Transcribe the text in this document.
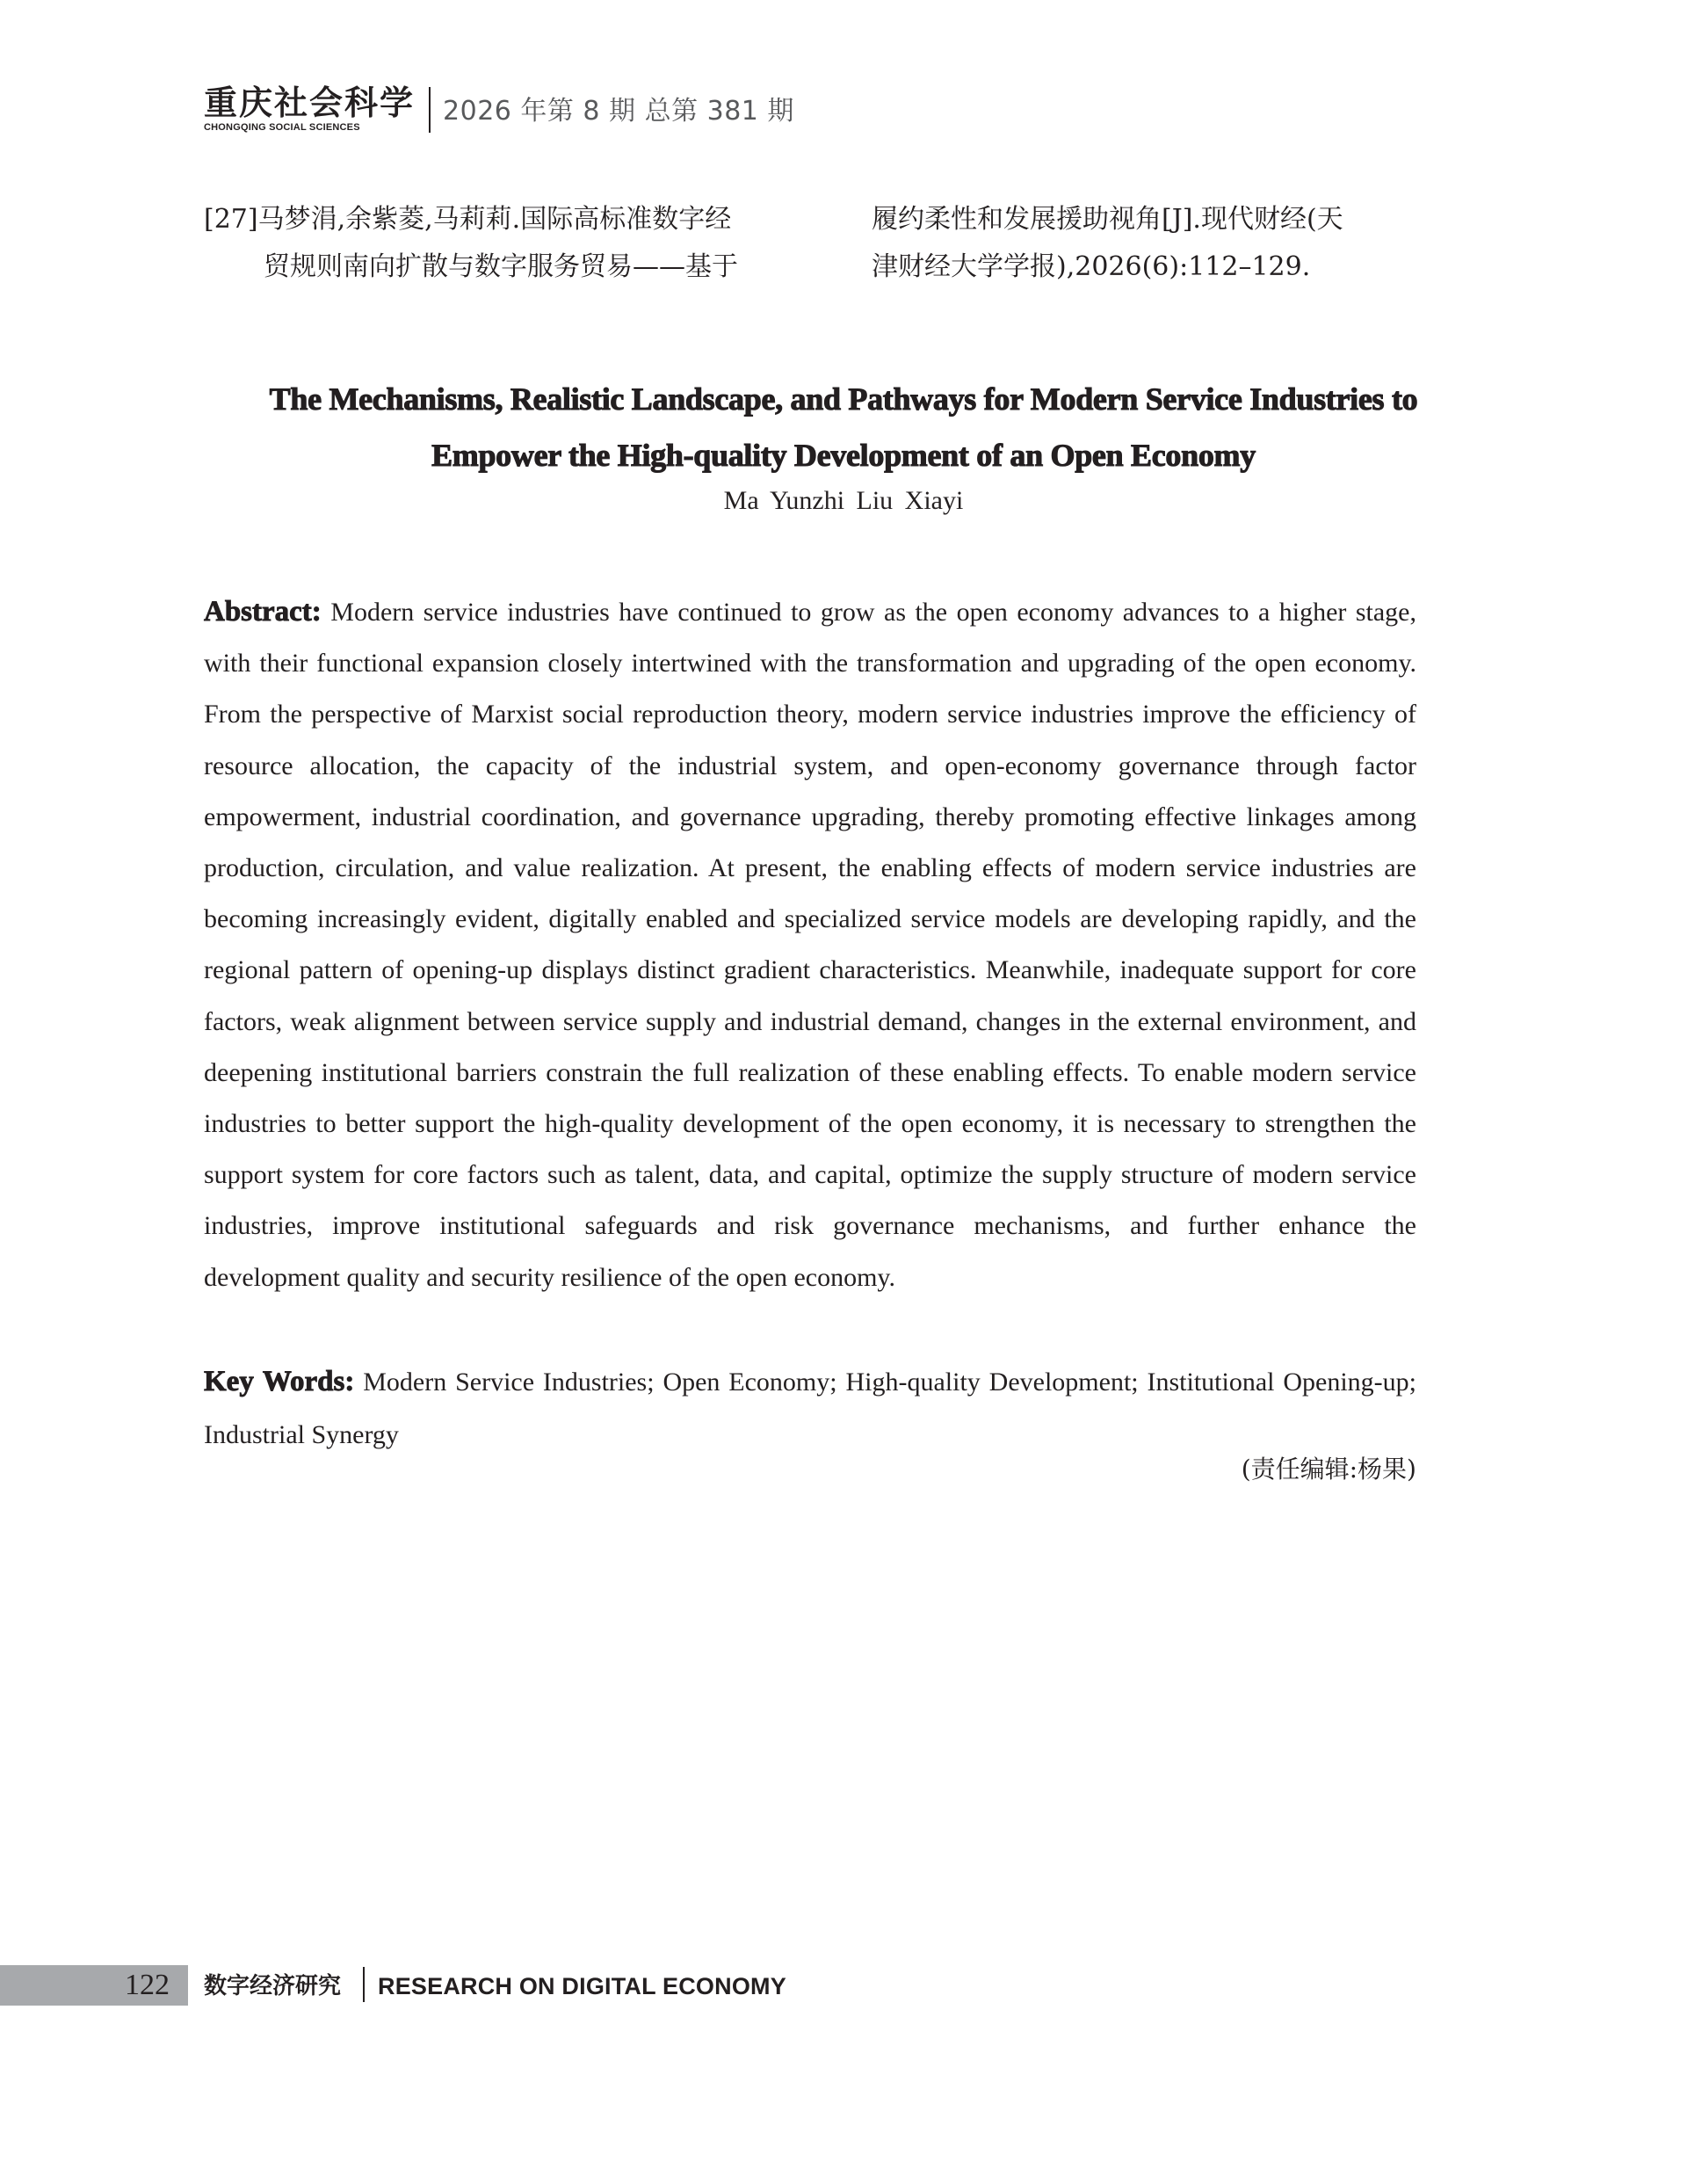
重庆社会科学
CHONGQING SOCIAL SCIENCES
2026 年第 8 期 总第 381 期
[27]马梦涓,余紫菱,马莉莉.国际高标准数字经
贸规则南向扩散与数字服务贸易——基于
履约柔性和发展援助视角[J].现代财经(天
津财经大学学报),2026(6):112–129.
The Mechanisms, Realistic Landscape, and Pathways for Modern Service Industries to
Empower the High-quality Development of an Open Economy
Ma Yunzhi Liu Xiayi
Abstract: Modern service industries have continued to grow as the open economy advances to a higher stage, with their functional expansion closely intertwined with the transformation and upgrading of the open economy. From the perspective of Marxist social reproduction theory, modern service industries improve the efficiency of resource allocation, the capacity of the industrial system, and open-economy governance through factor empowerment, industrial coordination, and governance upgrading, thereby promoting effective linkages among production, circulation, and value realization. At present, the enabling effects of modern service industries are becoming increasingly evident, digitally enabled and specialized service models are developing rapidly, and the regional pattern of opening-up displays distinct gradient characteristics. Meanwhile, inadequate support for core factors, weak alignment between service supply and industrial demand, changes in the external environment, and deepening institutional barriers constrain the full realization of these enabling effects. To enable modern service industries to better support the high-quality development of the open economy, it is necessary to strengthen the support system for core factors such as talent, data, and capital, optimize the supply structure of modern service industries, improve institutional safeguards and risk governance mechanisms, and further enhance the development quality and security resilience of the open economy.
Key Words: Modern Service Industries; Open Economy; High-quality Development; Institutional Opening-up; Industrial Synergy
(责任编辑:杨果)
122 数字经济研究 RESEARCH ON DIGITAL ECONOMY
